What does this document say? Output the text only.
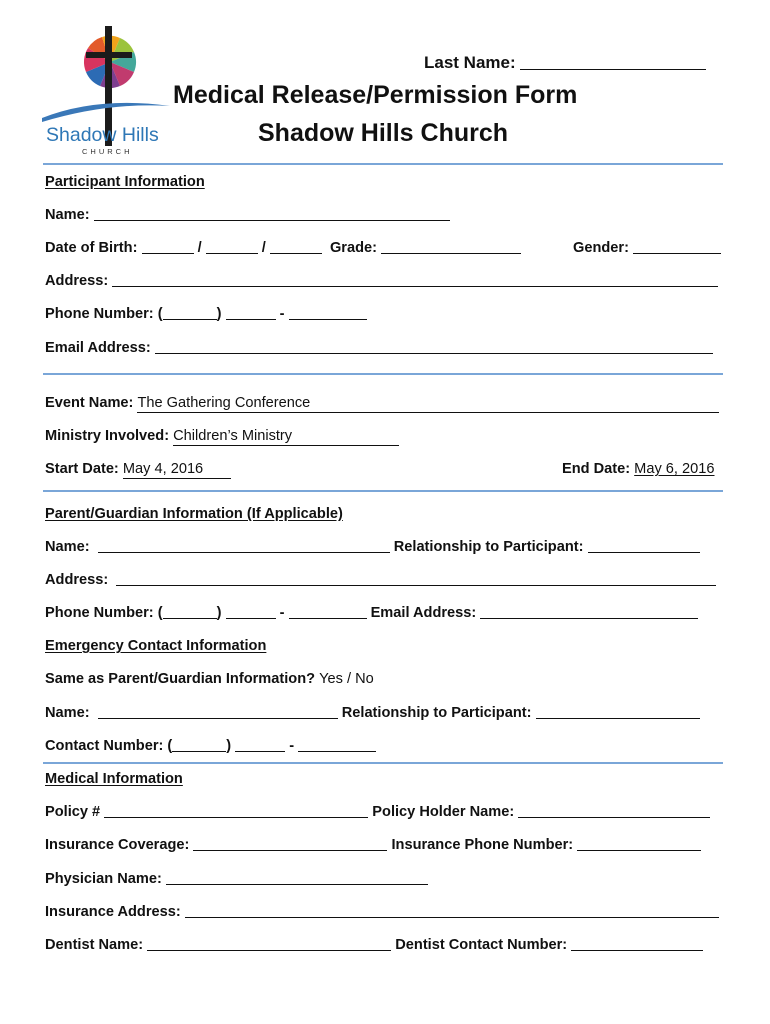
Shadow Hills
CHURCH
Last Name:
Medical Release/Permission Form
Shadow Hills Church
Participant Information
Name:
Date of Birth:	/	/	Grade:	Gender:
Address:
Phone Number: (	)	-
Email Address:
Event Name: The Gathering Conference
Ministry Involved: Children’s Ministry
Start Date: May 4, 2016	End Date: May 6, 2016
Parent/Guardian Information (If Applicable)
Name:	Relationship to Participant:
Address:
Phone Number: (	)	-	Email Address:
Emergency Contact Information
Same as Parent/Guardian Information? Yes / No
Name:	Relationship to Participant:
Contact Number: (	)	-
Medical Information
Policy #	Policy Holder Name:
Insurance Coverage:	Insurance Phone Number:
Physician Name:
Insurance Address:
Dentist Name:	Dentist Contact Number:
